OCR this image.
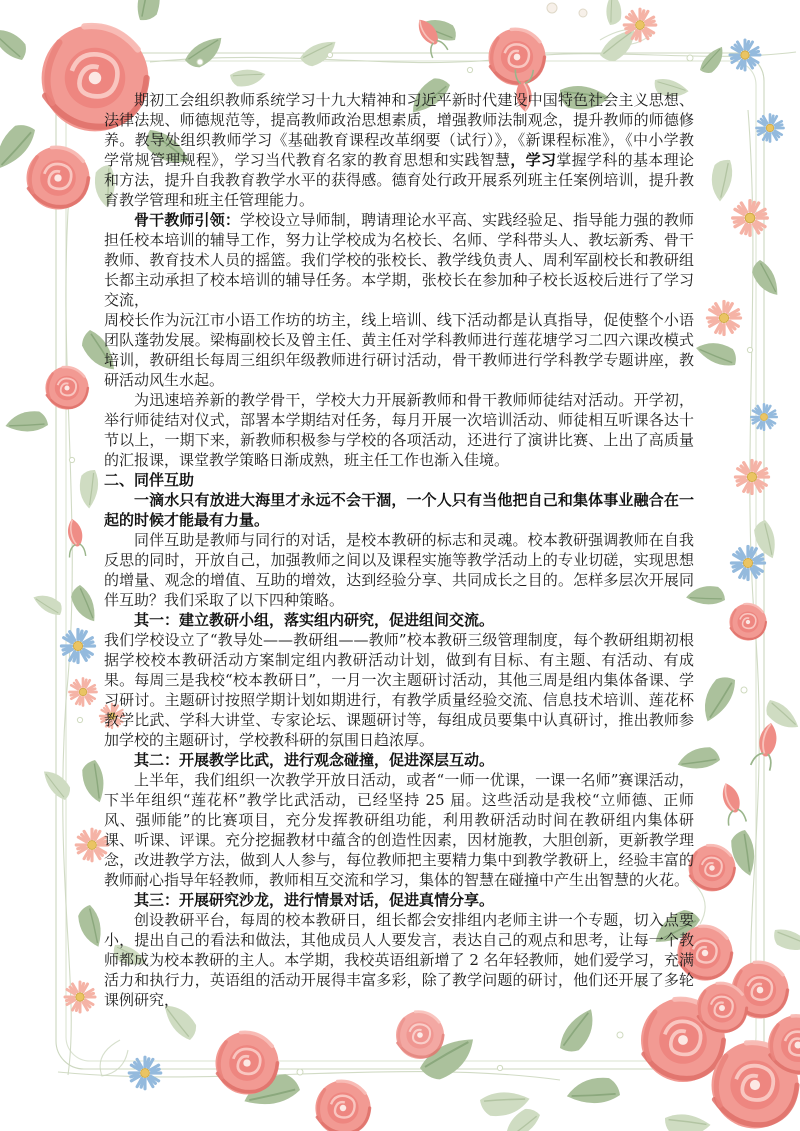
期初工会组织教师系统学习十九大精神和习近平新时代建设中国特色社会主义思想、法律法规、师德规范等，提高教师政治思想素质，增强教师法制观念，提升教师的师德修养。教导处组织教师学习《基础教育课程改革纲要（试行）》，《新课程标准》，《中小学教学常规管理规程》，学习当代教育名家的教育思想和实践智慧，学习掌握学科的基本理论和方法，提升自我教育教学水平的获得感。德育处行政开展系列班主任案例培训，提升教育教学管理和班主任管理能力。

骨干教师引领：学校设立导师制，聘请理论水平高、实践经验足、指导能力强的教师担任校本培训的辅导工作，努力让学校成为名校长、名师、学科带头人、教坛新秀、骨干教师、教育技术人员的摇篮。我们学校的张校长、教学线负责人、周利军副校长和教研组长都主动承担了校本培训的辅导任务。本学期，张校长在参加种子校长返校后进行了学习交流，

周校长作为沅江市小语工作坊的坊主，线上培训、线下活动都是认真指导，促使整个小语团队蓬勃发展。梁梅副校长及曾主任、黄主任对学科教师进行莲花塘学习二四六课改模式培训，教研组长每周三组织年级教师进行研讨活动，骨干教师进行学科教学专题讲座，教研活动风生水起。

为迅速培养新的教学骨干，学校大力开展新教师和骨干教师师徒结对活动。开学初，举行师徒结对仪式，部署本学期结对任务，每月开展一次培训活动、师徒相互听课各达十节以上，一期下来，新教师积极参与学校的各项活动，还进行了演讲比赛、上出了高质量的汇报课，课堂教学策略日渐成熟，班主任工作也渐入佳境。

二、同伴互助

一滴水只有放进大海里才永远不会干涸，一个人只有当他把自己和集体事业融合在一起的时候才能最有力量。

同伴互助是教师与同行的对话，是校本教研的标志和灵魂。校本教研强调教师在自我反思的同时，开放自己，加强教师之间以及课程实施等教学活动上的专业切磋，实现思想的增量、观念的增值、互助的增效，达到经验分享、共同成长之目的。怎样多层次开展同伴互助？我们采取了以下四种策略。

其一：建立教研小组，落实组内研究，促进组间交流。

我们学校设立了“教导处——教研组——教师”校本教研三级管理制度，每个教研组期初根据学校校本教研活动方案制定组内教研活动计划，做到有目标、有主题、有活动、有成果。每周三是我校“校本教研日”，一月一次主题研讨活动，其他三周是组内集体备课、学习研讨。主题研讨按照学期计划如期进行，有教学质量经验交流、信息技术培训、莲花杯教学比武、学科大讲堂、专家论坛、课题研讨等，每组成员要集中认真研讨，推出教师参加学校的主题研讨，学校教科研的氛围日趋浓厚。

其二：开展教学比武，进行观念碰撞，促进深层互动。

上半年，我们组织一次教学开放日活动，或者“一师一优课，一课一名师”赛课活动，下半年组织“莲花杯”教学比武活动，已经坚持 25 届。这些活动是我校“立师德、正师风、强师能”的比赛项目，充分发挥教研组功能，利用教研活动时间在教研组内集体研课、听课、评课。充分挖掘教材中蕴含的创造性因素，因材施教，大胆创新，更新教学理念，改进教学方法，做到人人参与，每位教师把主要精力集中到教学教研上，经验丰富的教师耐心指导年轻教师，教师相互交流和学习，集体的智慧在碰撞中产生出智慧的火花。

其三：开展研究沙龙，进行情景对话，促进真情分享。

创设教研平台，每周的校本教研日，组长都会安排组内老师主讲一个专题，切入点要小，提出自己的看法和做法，其他成员人人要发言，表达自己的观点和思考，让每一个教师都成为校本教研的主人。本学期，我校英语组新增了 2 名年轻教师，她们爱学习，充满活力和执行力，英语组的活动开展得丰富多彩，除了教学问题的研讨，他们还开展了多轮课例研究，
